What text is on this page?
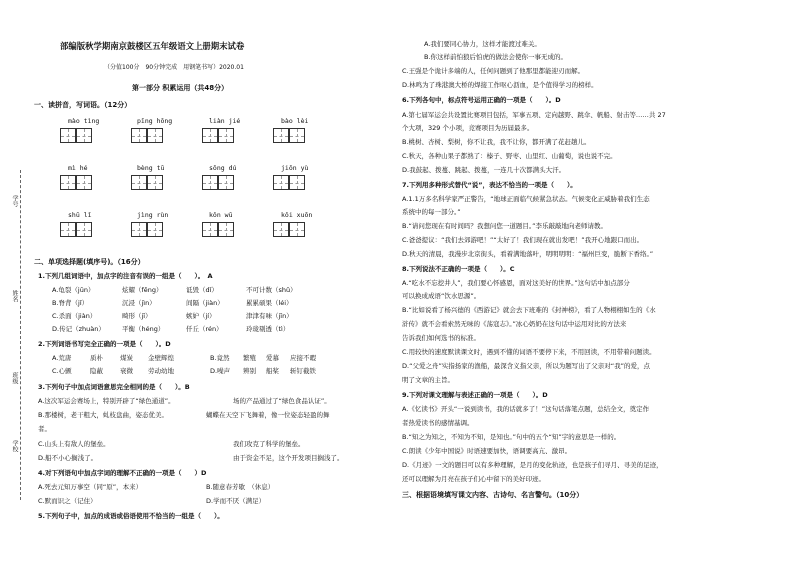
学号
姓名
班级
学校
部编版秋学期南京鼓楼区五年级语文上册期末试卷
（分值100分　90分钟完成　用钢笔书写）2020.01
第一部分 积累运用（共48分）
一、读拼音，写词语。（12分）
mào tìng	pīng hōng	liàn jié	bào lèi
mì hé	bèng tū	sōng dú	jiōn yù
shū lǐ	jìng rùn	kǒn wū	kǒi xuōn
二、单项选择题(填序号)。（16分）
1.下列几组词语中，加点字的注音有误的一组是（　　）。　A
A.龟裂（jūn）	炫耀（fēng）	诋毁（dǐ）	不可计数（shǔ）
B.脊背（jǐ）	沉浸（jìn）	间隔（jiàn）	累累硕果（léi）
C.杀面（jiàn）	畸形（jī）	嫉妒（jí）	津津有味（jīn）
D.传记（zhuàn）	平衡（héng）	仟丘（rén）	玲珑剔透（tì）
2.下列词语书写完全正确的一项是（　　）。D
A.荒唐	质朴	煤炭 金壁辉煌	B.竟然 繁殖 爱慕 应接不暇
C.心颤	隐蔽	衰微 劳动幼地	D.噪声 辨别 船桨 斩钉截铁
3.下列句子中加点词语意思完全相同的是（　　）。B
A.这次军运会赛场上，特别开辟了“绿色通道”。	场的产品通过了“绿色食品认证”。
B.那楼树，老干粗大，虬枝盘曲，姿态优美。	蝴蝶在天空下飞舞着，像一位姿态轻盈的舞
者。
C.山头上有敌人的堡垒。	我们攻克了科学的堡垒。
D.船不小心搁浅了。	由于资金不足，这个开发项目搁浅了。
4.对下列语句中加点字词的理解不正确的一项是（　　）D
A.死去元知万事空（同“原”，本来）	B.随意春芳歇　（休息）
C.默而识之（记住）	D.学而不厌（满足）
5.下列句子中，加点的成语或俗语使用不恰当的一组是（　　）。
A.我们要同心协力，这样才能渡过难关。
B.你这样前怕狼后怕虎的做法会使你一事无成的。
C.王强是个诡计多端的人，任何问题到了他那里都能迎刃而解。
D.林鸣为了珠港澳大桥的焊接工作呕心沥血，是个值得学习的榜样。
6.下列各句中，标点符号运用正确的一项是（　　）。D
A.第七届军运会共设置比赛项目包括，军事五项、定向越野、跳伞、帆船、射击等……共 27
个大项，329 个小项，竞赛项目为历届最多。
B.桃树、杏树、梨树，你不让我，我不让你，都开满了花赶趟儿。
C.秋天，各种山果子都熟了：榛子、野枣、山里红、山葡萄，说也说不完。
D.我鼓起、拨蔓、跳起、拨蔓，一连几十次都满头大汗。
7.下列用多种形式替代“说”，表达不恰当的一项是（　　）。
A.1.1万多名科学家严正警告，“地球正面临气候紧急状态。气候变化正威胁着我们生态
系统中的每一部分。”
B.“请问您现在有时间吗？我想问您一道题目。”李乐敲敲地向老师请教。
C.爸爸提议：“我们去郊游吧！”“太好了！我们现在就出发吧！”我开心地跟口而出。
D.秋天的清晨，我漫步北京街头，看着满地落叶，明明明明：“福州巨变，脆断下香络。”
8.下列说法不正确的一项是（　　）。C
A.“吃水不忘挖井人”，我们要心怀感恩，面对这美好的世界。”这句话中加点部分
可以换成成语“饮水思源”。
B.“比如说看了杨兴德的《西游记》就会去下班难的《封神榜》，看了人物栩栩如生的《水
浒传》就不会看索然无味的《荡寇志》。”冰心奶奶在这句话中运用对比的方法来
告诉我们如何选书的标准。
C.用较快的速度默读课文时，遇到不懂的词语不要停下来，不用回读，不用带着问题读。
D.“父爱之舟”实指扬家的渔船，最深含义指父亲，所以为题写出了父亲对“我”的爱，点
明了文章的主旨。
9.下列对课文理解与表述正确的一项是（　　）。D
A.《忆读书》开头“一说到读书，我的话就多了！”这句话落笔点题，总结全文，奠定作
者热爱读书的感情基调。
B.“知之为知之，不知为不知，是知也。”句中的五个“知”字的意思是一样的。
C.朗读《少年中国说》时语速要加快，语调要高亢、激昂。
D.《月迹》一文的题目可以有多种理解，是月的变化轨迹，也是孩子们寻月、寻美的足迹，
还可以理解为月亮在孩子们心中留下的美好印迹。
三、根据语境填写课文内容、古诗句、名言警句。（10分）
